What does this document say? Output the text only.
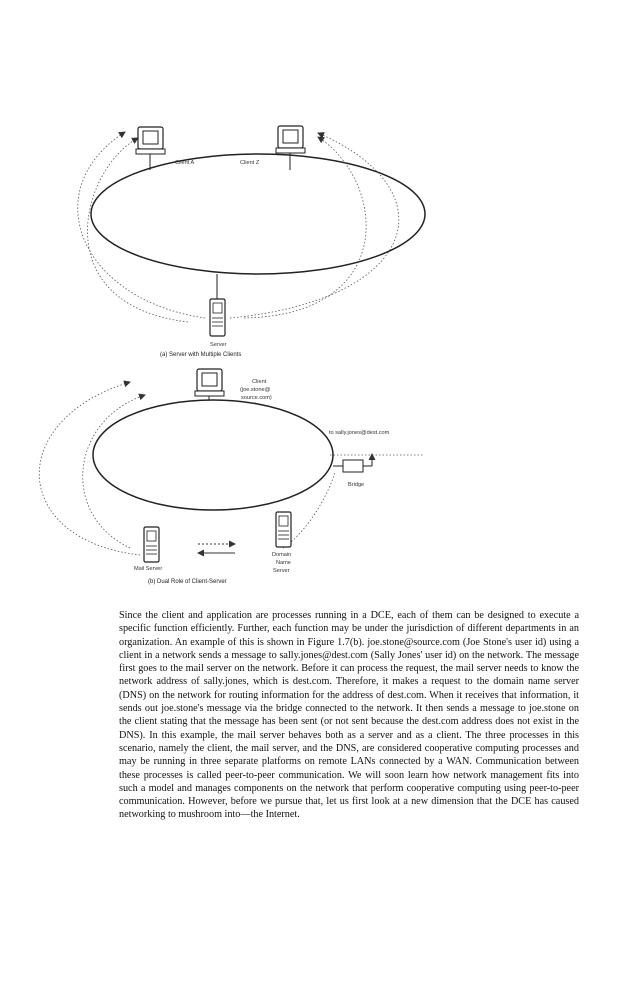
Client A	Client Z
Server
(a) Server with Multiple Clients
Client (joe.stone@ source.com)
Bridge
to sally.jones@dest.com
Mail Server
Domain Name Server
(b) Dual Role of Client-Server

Since the client and application are processes running in a DCE, each of them can be designed to execute a specific function efficiently. Further, each function may be under the jurisdiction of different departments in an organization. An example of this is shown in Figure 1.7(b). joe.stone@source.com (Joe Stone's user id) using a client in a network sends a message to sally.jones@dest.com (Sally Jones' user id) on the network. The message first goes to the mail server on the network. Before it can process the request, the mail server needs to know the network address of sally.jones, which is dest.com. Therefore, it makes a request to the domain name server (DNS) on the network for routing information for the address of dest.com. When it receives that information, it sends out joe.stone's message via the bridge connected to the network. It then sends a message to joe.stone on the client stating that the message has been sent (or not sent because the dest.com address does not exist in the DNS). In this example, the mail server behaves both as a server and as a client. The three processes in this scenario, namely the client, the mail server, and the DNS, are considered cooperative computing processes and may be running in three separate platforms on remote LANs connected by a WAN. Communication between these processes is called peer-to-peer communication. We will soon learn how network management fits into such a model and manages components on the network that perform cooperative computing using peer-to-peer communication. However, before we pursue that, let us first look at a new dimension that the DCE has caused networking to mushroom into—the Internet.
